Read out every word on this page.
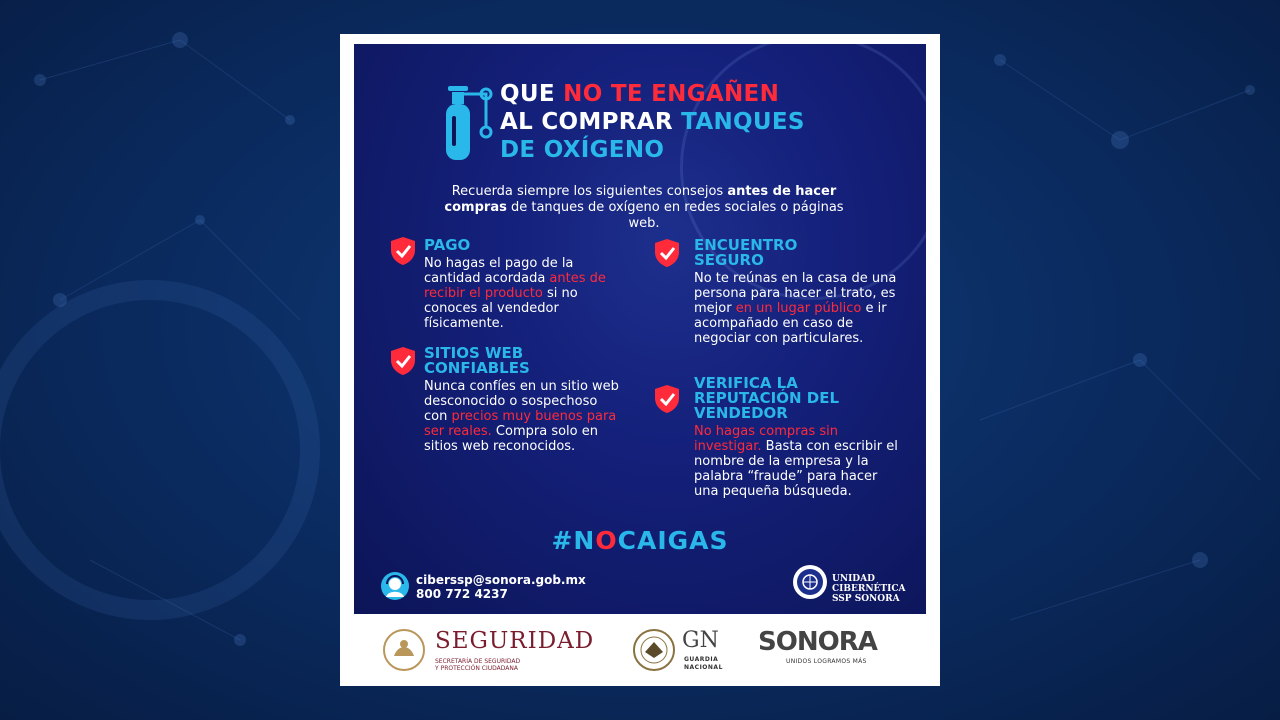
QUE NO TE ENGAÑEN
AL COMPRAR TANQUES
DE OXÍGENO
Recuerda siempre los siguientes consejos antes de hacer compras de tanques de oxígeno en redes sociales o páginas web.
PAGO
No hagas el pago de la cantidad acordada antes de recibir el producto si no conoces al vendedor físicamente.
SITIOS WEB
CONFIABLES
Nunca confíes en un sitio web desconocido o sospechoso con precios muy buenos para ser reales. Compra solo en sitios web reconocidos.
ENCUENTRO
SEGURO
No te reúnas en la casa de una persona para hacer el trato, es mejor en un lugar público e ir acompañado en caso de negociar con particulares.
VERIFICA LA
REPUTACIÓN DEL
VENDEDOR
No hagas compras sin investigar. Basta con escribir el nombre de la empresa y la palabra “fraude” para hacer una pequeña búsqueda.
#NOCAIGAS
ciberssp@sonora.gob.mx
800 772 4237
UNIDAD
CIBERNÉTICA
SSP SONORA
SEGURIDAD
SECRETARÍA DE SEGURIDAD
Y PROTECCIÓN CIUDADANA
GN
GUARDIA
NACIONAL
SONORA
UNIDOS LOGRAMOS MÁS
